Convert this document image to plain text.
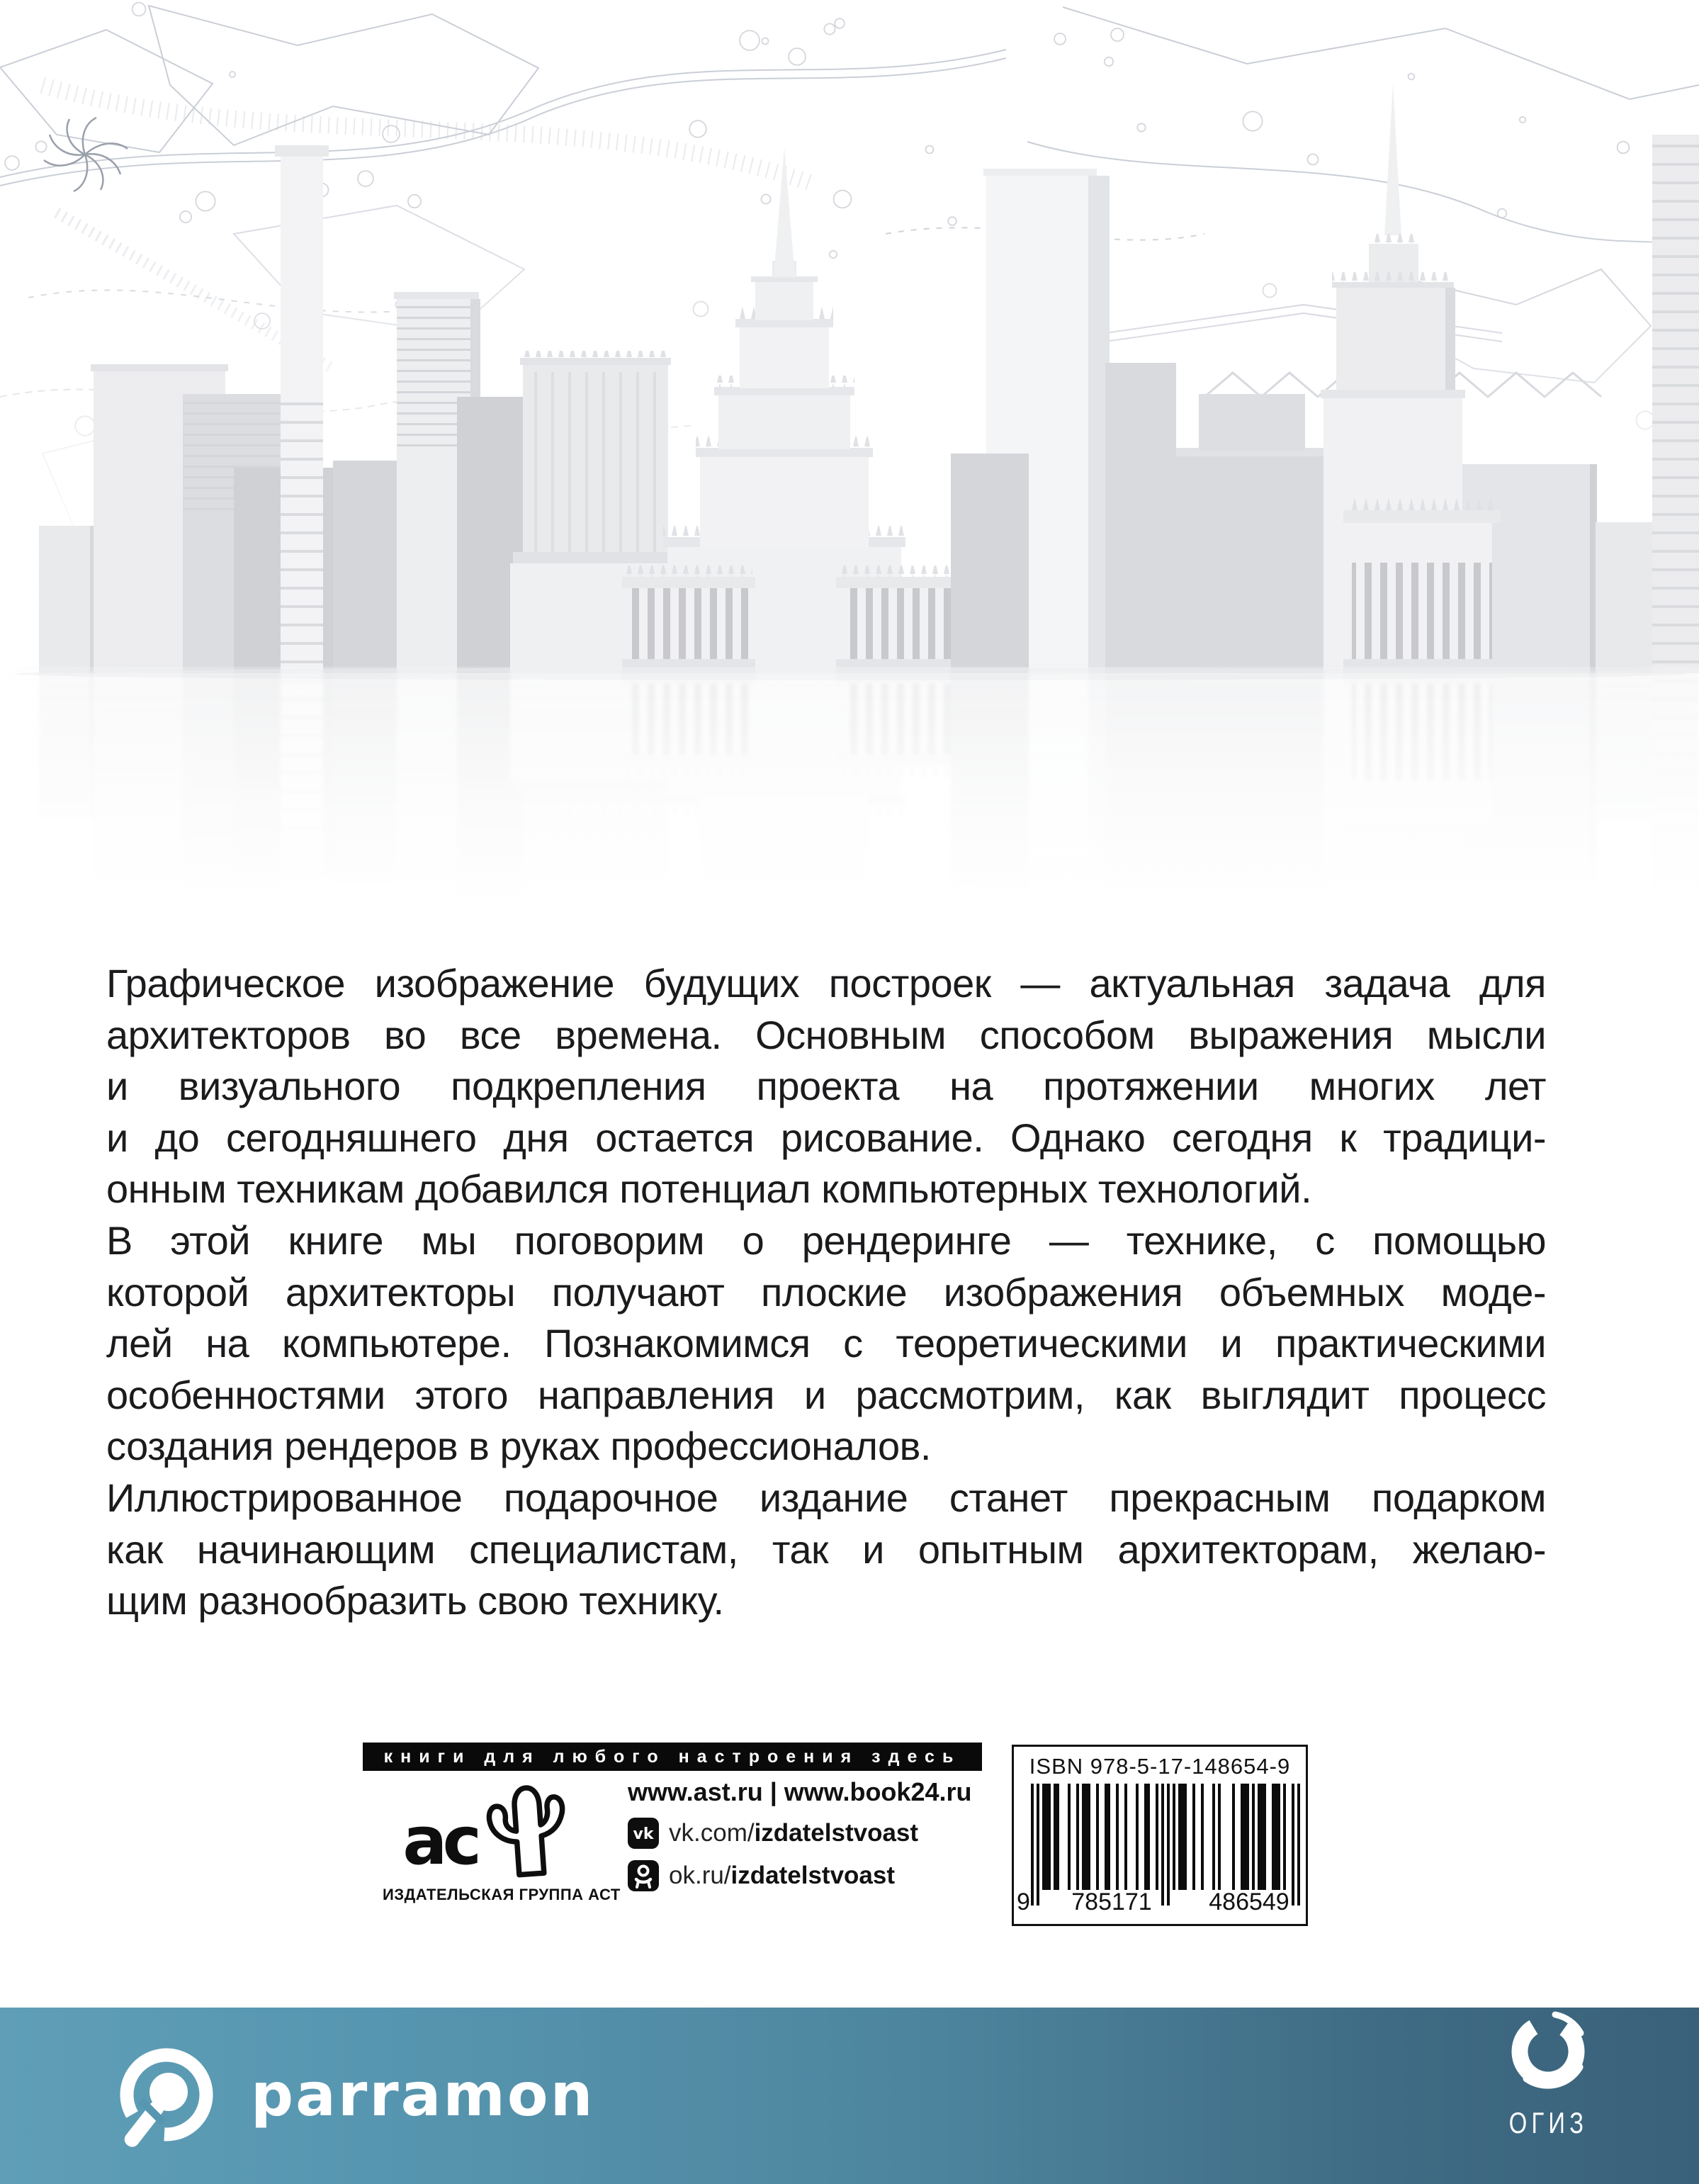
Графическое изображение будущих построек — актуальная задача для
архитекторов во все времена. Основным способом выражения мысли
и визуального подкрепления проекта на протяжении многих лет
и до сегодняшнего дня остается рисование. Однако сегодня к традици-
онным техникам добавился потенциал компьютерных технологий.
В этой книге мы поговорим о рендеринге — технике, с помощью
которой архитекторы получают плоские изображения объемных моде-
лей на компьютере. Познакомимся с теоретическими и практическими
особенностями этого направления и рассмотрим, как выглядит процесс
создания рендеров в руках профессионалов.
Иллюстрированное подарочное издание станет прекрасным подарком
как начинающим специалистам, так и опытным архитекторам, желаю-
щим разнообразить свою технику.
книги для любого настроения здесь
ac
ИЗДАТЕЛЬСКАЯ ГРУППА АСТ
www.ast.ru | www.book24.ru
vk vk.com/izdatelstvoast
ok.ru/izdatelstvoast
ISBN 978-5-17-148654-9
9 785171 486549
parramon	ОГИЗ
